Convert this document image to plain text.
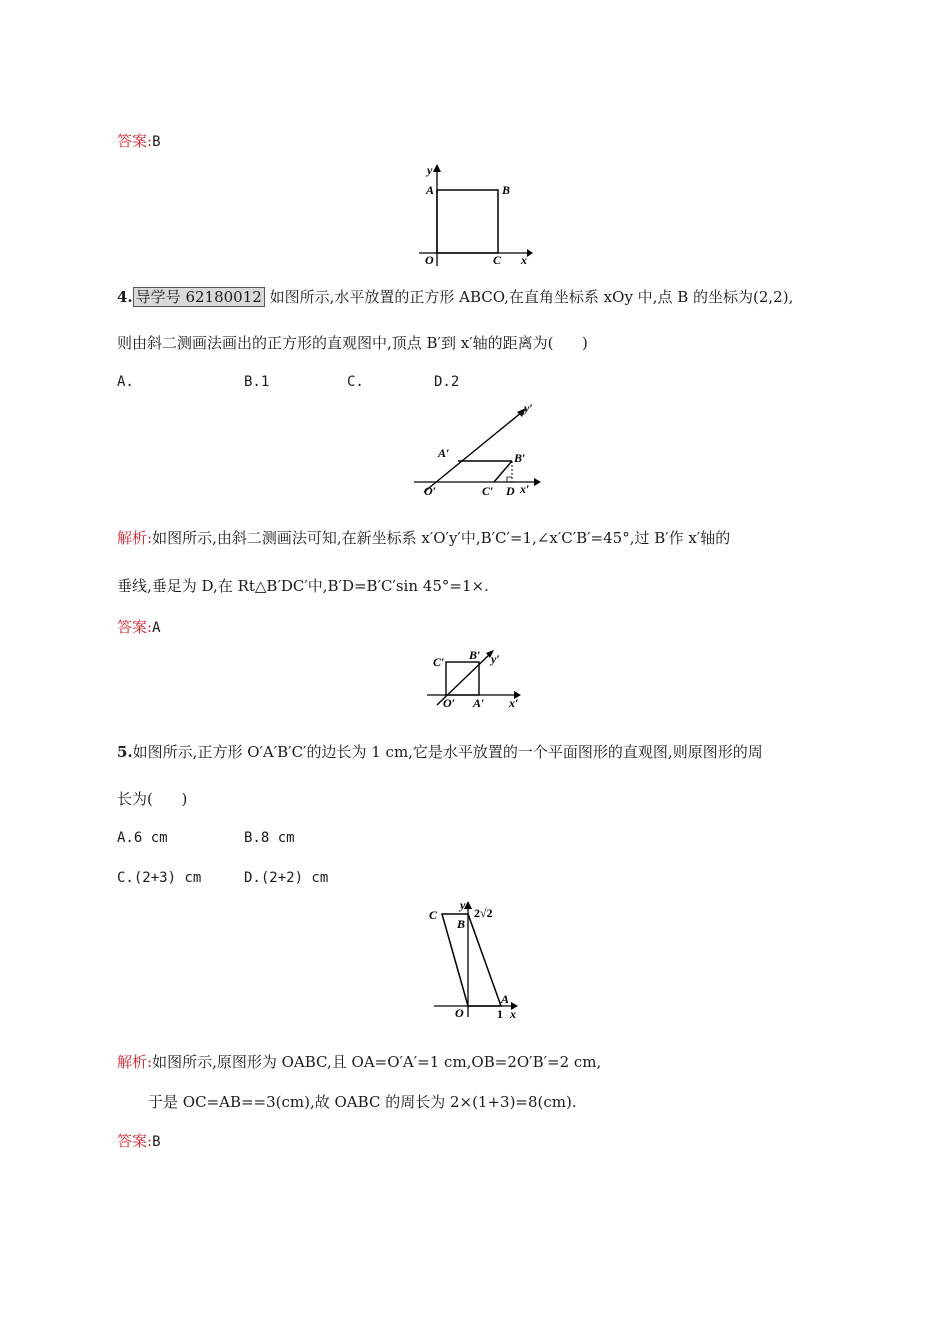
答案:B
y
A	B
O	C x
4. 导学号 62180012 如图所示,水平放置的正方形 ABCO,在直角坐标系 xOy 中,点 B 的坐标为(2,2),
则由斜二测画法画出的正方形的直观图中,顶点 B′到 x′轴的距离为(      )
A.	B.1	C.	D.2
y′
A′	B′
O′	C′ D x′
解析:如图所示,由斜二测画法可知,在新坐标系 x′O′y′中,B′C′=1,∠x′C′B′=45°,过 B′作 x′轴的
垂线,垂足为 D,在 Rt△B′DC′中,B′D=B′C′sin 45°=1×.
答案:A
C′ B′ y′
O′ A′ x′
5.如图所示,正方形 O′A′B′C′的边长为 1 cm,它是水平放置的一个平面图形的直观图,则原图形的周
长为(      )
A.6 cm	B.8 cm
C.(2+3) cm	D.(2+2) cm
y
C
B
2√2
O
A
1 x
解析:如图所示,原图形为 OABC,且 OA=O′A′=1 cm,OB=2O′B′=2 cm,
于是 OC=AB==3(cm),故 OABC 的周长为 2×(1+3)=8(cm).
答案:B
